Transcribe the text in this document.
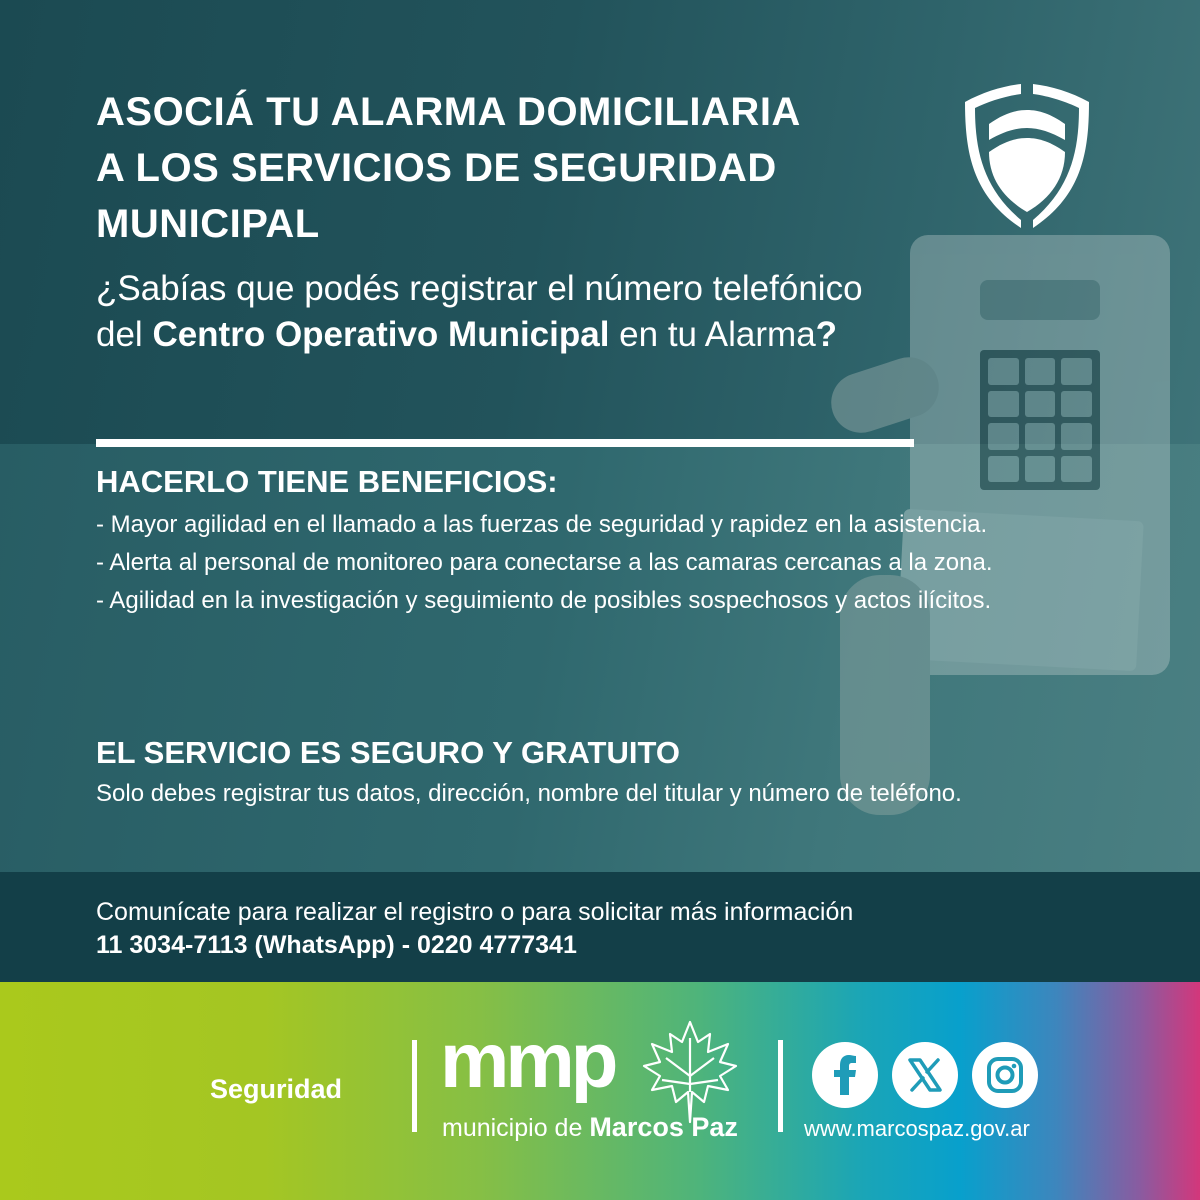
ASOCIÁ TU ALARMA DOMICILIARIA
A LOS SERVICIOS DE SEGURIDAD
MUNICIPAL

¿Sabías que podés registrar el número telefónico del Centro Operativo Municipal en tu Alarma?

HACERLO TIENE BENEFICIOS:
- Mayor agilidad en el llamado a las fuerzas de seguridad y rapidez en la asistencia.
- Alerta al personal de monitoreo para conectarse a las camaras cercanas a la zona.
- Agilidad en la investigación y seguimiento de posibles sospechosos y actos ilícitos.
EL SERVICIO ES SEGURO Y GRATUITO

Solo debes registrar tus datos, dirección, nombre del titular y número de teléfono.

Comunícate para realizar el registro o para solicitar más información

11 3034-7113 (WhatsApp) - 0220 4777341

Seguridad mmp
municipio de Marcos Paz	www.marcospaz.gov.ar
